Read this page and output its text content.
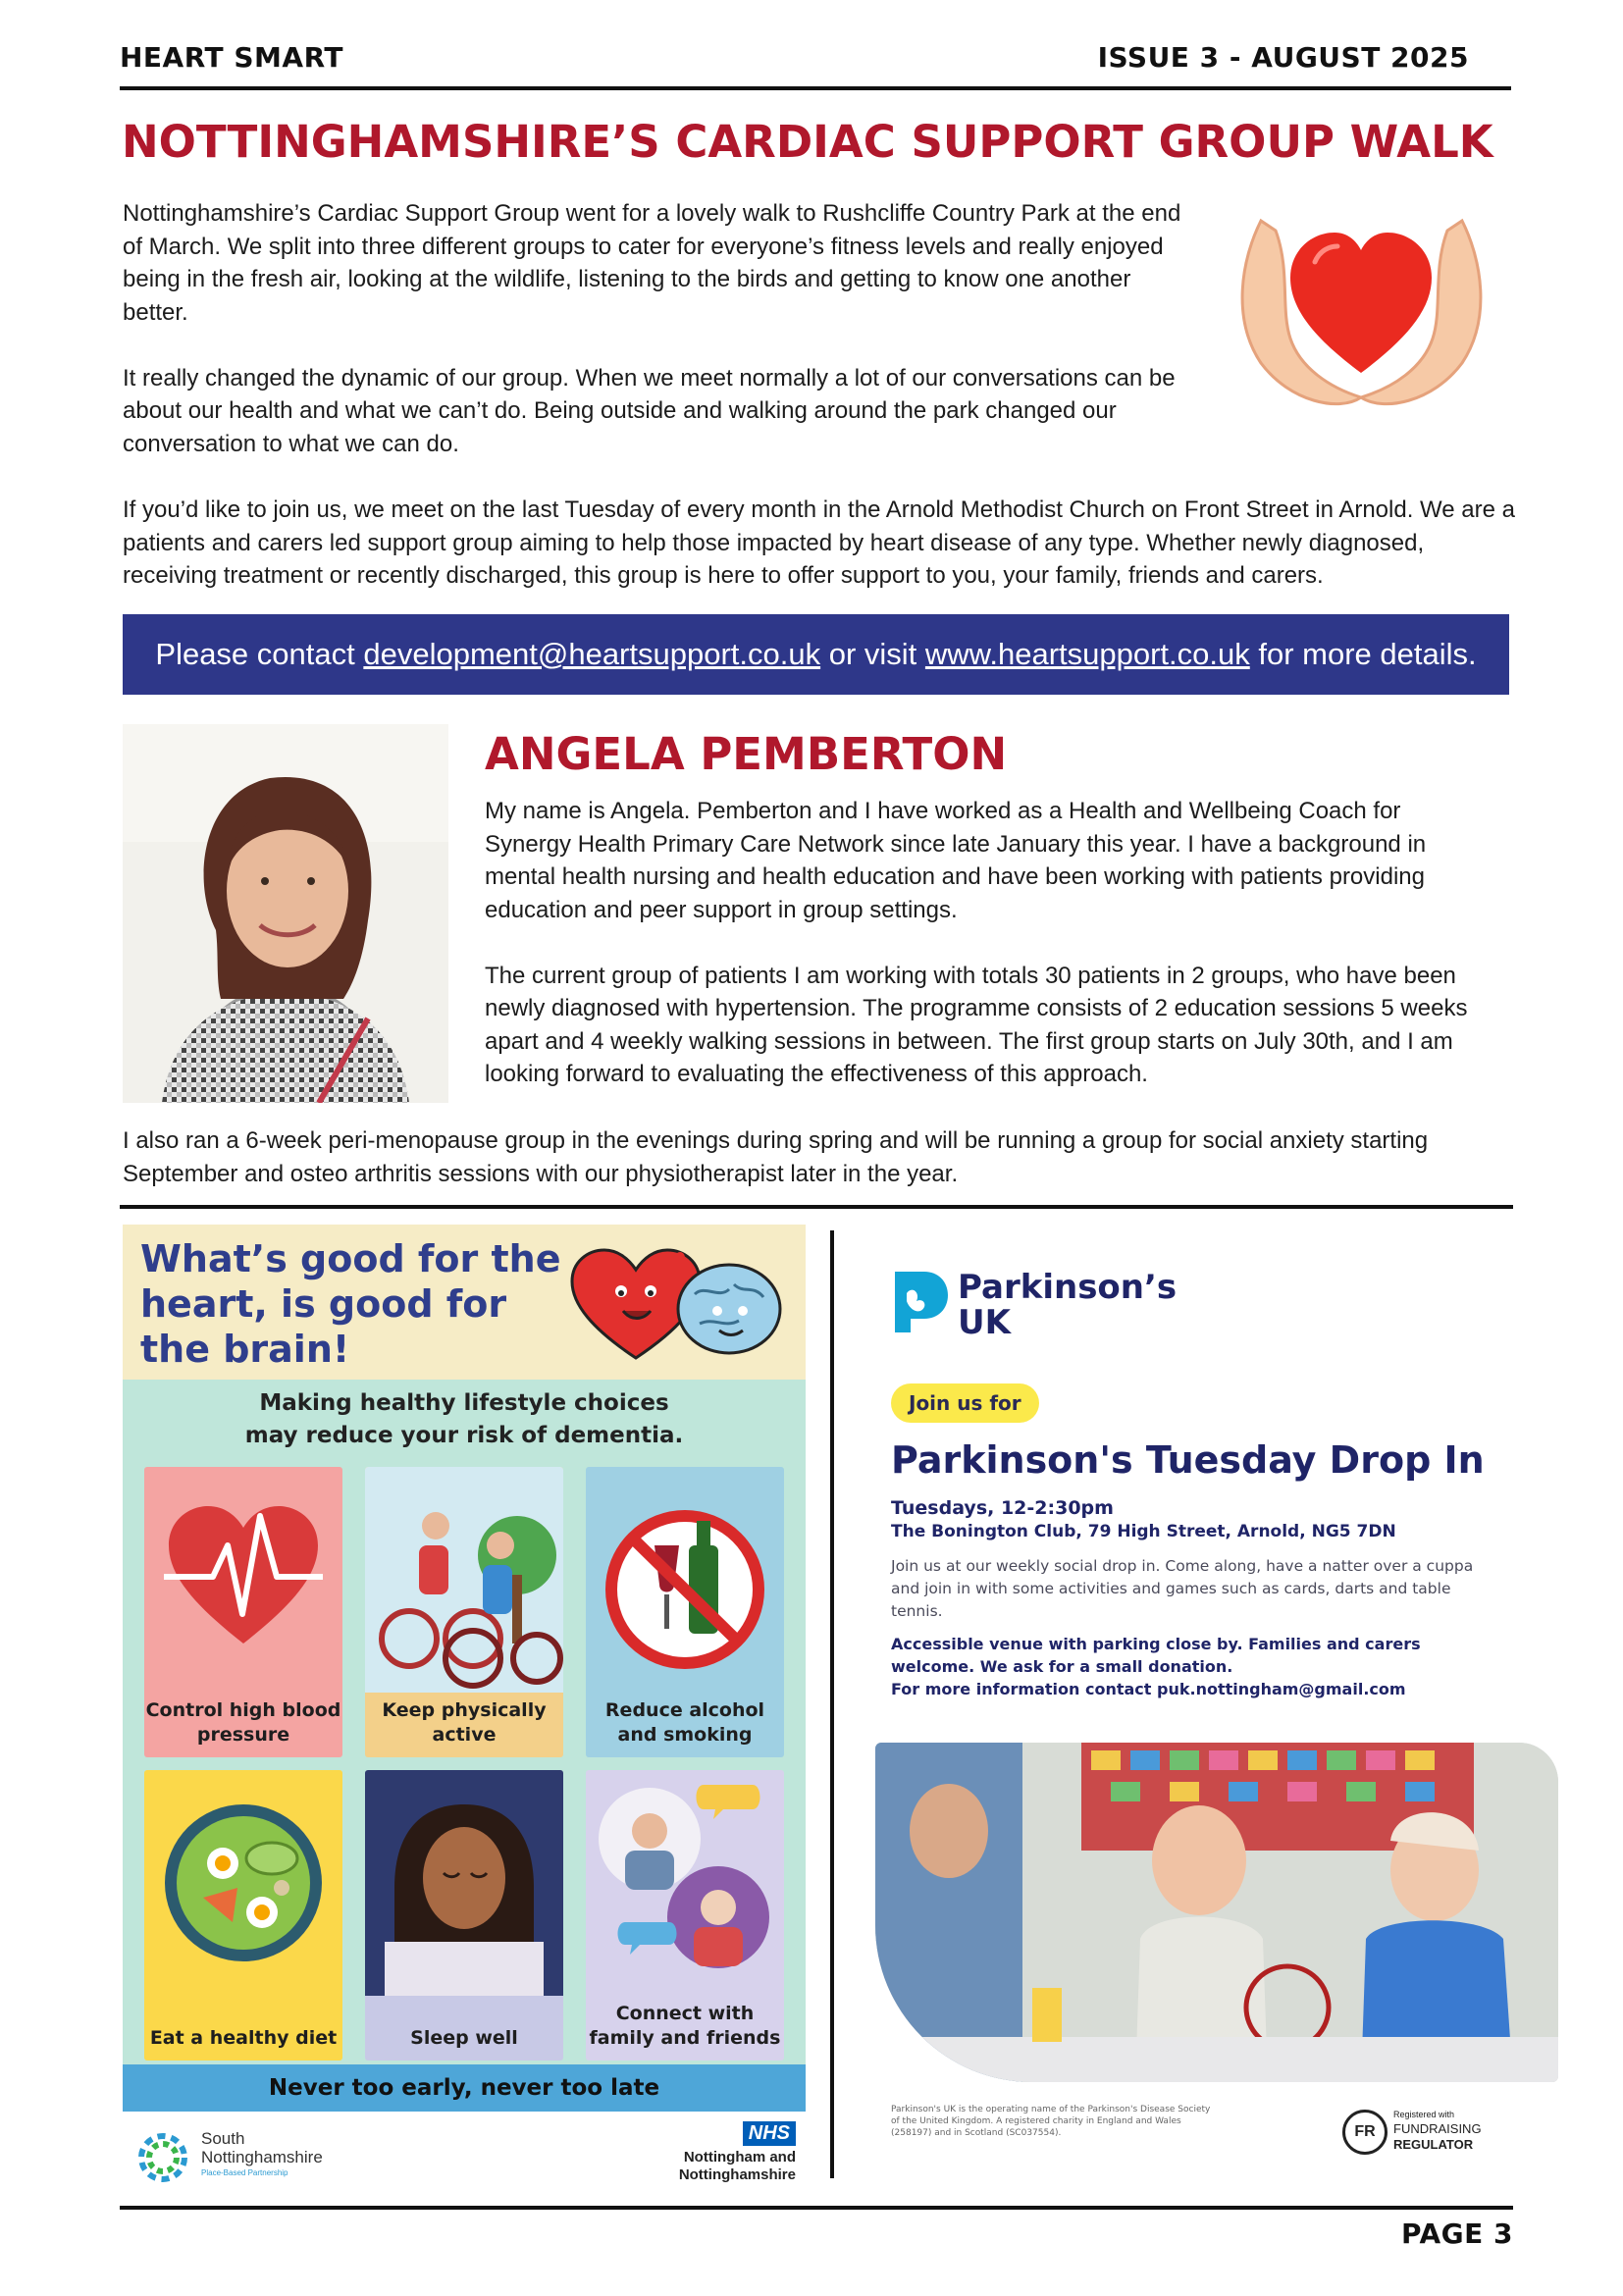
HEART SMART	ISSUE 3 - AUGUST 2025
NOTTINGHAMSHIRE’S CARDIAC SUPPORT GROUP WALK

Nottinghamshire’s Cardiac Support Group went for a lovely walk to Rushcliffe Country Park at the end of March. We split into three different groups to cater for everyone’s fitness levels and really enjoyed being in the fresh air, looking at the wildlife, listening to the birds and getting to know one another better.

It really changed the dynamic of our group. When we meet normally a lot of our conversations can be about our health and what we can’t do. Being outside and walking around the park changed our conversation to what we can do.

If you’d like to join us, we meet on the last Tuesday of every month in the Arnold Methodist Church on Front Street in Arnold. We are a patients and carers led support group aiming to help those impacted by heart disease of any type. Whether newly diagnosed, receiving treatment or recently discharged, this group is here to offer support to you, your family, friends and carers.
Please contact development@heartsupport.co.uk or visit www.heartsupport.co.uk for more details.
ANGELA PEMBERTON

My name is Angela. Pemberton and I have worked as a Health and Wellbeing Coach for Synergy Health Primary Care Network since late January this year. I have a background in mental health nursing and health education and have been working with patients providing education and peer support in group settings.

The current group of patients I am working with totals 30 patients in 2 groups, who have been newly diagnosed with hypertension. The programme consists of 2 education sessions 5 weeks apart and 4 weekly walking sessions in between. The first group starts on July 30th, and I am looking forward to evaluating the effectiveness of this approach.

I also ran a 6-week peri-menopause group in the evenings during spring and will be running a group for social anxiety starting September and osteo arthritis sessions with our physiotherapist later in the year.
What’s good for the heart, is good for the brain!
Making healthy lifestyle choices may reduce your risk of dementia.
Control high blood pressure
Keep physically active
Reduce alcohol and smoking
Eat a healthy diet	Sleep well
Connect with family and friends
Never too early, never too late
South
Nottinghamshire
Place-Based Partnership
NHS
Nottingham and
Nottinghamshire
Parkinson’s
UK
Join us for
Parkinson's Tuesday Drop In
Tuesdays, 12-2:30pm
The Bonington Club, 79 High Street, Arnold, NG5 7DN
Join us at our weekly social drop in. Come along, have a natter over a cuppa and join in with some activities and games such as cards, darts and table tennis.
Accessible venue with parking close by. Families and carers welcome. We ask for a small donation.
For more information contact puk.nottingham@gmail.com
Parkinson's UK is the operating name of the Parkinson's Disease Society of the United Kingdom. A registered charity in England and Wales (258197) and in Scotland (SC037554).	FR
Registered with
FUNDRAISING
REGULATOR
PAGE 3
